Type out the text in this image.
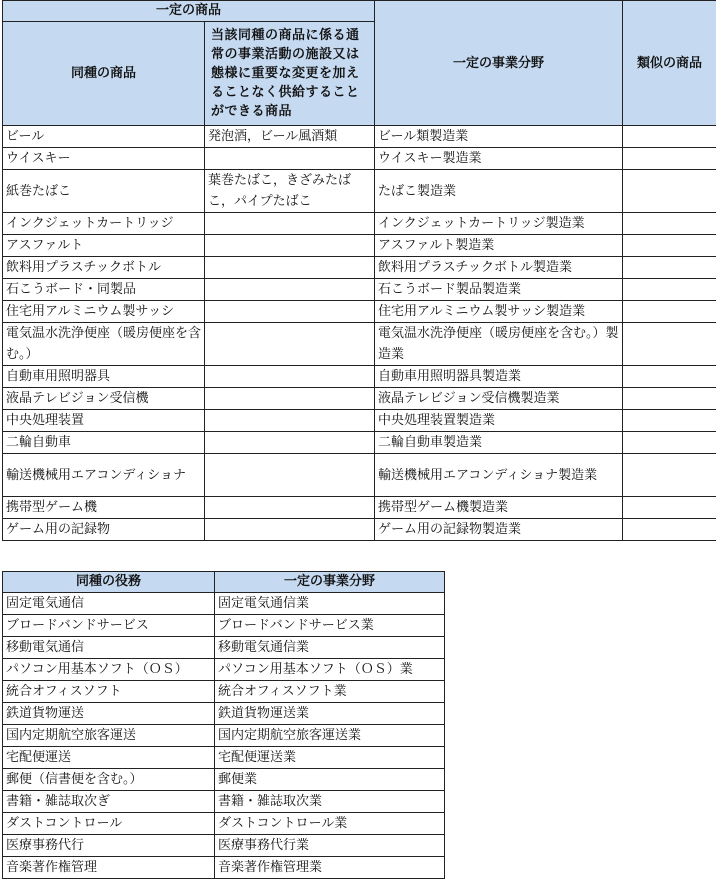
一定の商品		一定の事業分野	類似の商品
同種の商品	当該同種の商品に係る通常の事業活動の施設又は態様に重要な変更を加えることなく供給することができる商品		
ビール	発泡酒，ビール風酒類	ビール類製造業	
ウイスキー		ウイスキー製造業	
紙巻たばこ	葉巻たばこ，きざみたばこ，パイプたばこ	たばこ製造業	
インクジェットカートリッジ		インクジェットカートリッジ製造業	
アスファルト		アスファルト製造業	
飲料用プラスチックボトル		飲料用プラスチックボトル製造業	
石こうボード・同製品		石こうボード製品製造業	
住宅用アルミニウム製サッシ		住宅用アルミニウム製サッシ製造業	
電気温水洗浄便座（暖房便座を含む。）		電気温水洗浄便座（暖房便座を含む。）製造業	
自動車用照明器具		自動車用照明器具製造業	
液晶テレビジョン受信機		液晶テレビジョン受信機製造業	
中央処理装置		中央処理装置製造業	
二輪自動車		二輪自動車製造業	
輸送機械用エアコンディショナ		輸送機械用エアコンディショナ製造業	
携帯型ゲーム機		携帯型ゲーム機製造業	
ゲーム用の記録物		ゲーム用の記録物製造業	
同種の役務	一定の事業分野
固定電気通信	固定電気通信業
ブロードバンドサービス	ブロードバンドサービス業
移動電気通信	移動電気通信業
パソコン用基本ソフト（ＯＳ）	パソコン用基本ソフト（ＯＳ）業
統合オフィスソフト	統合オフィスソフト業
鉄道貨物運送	鉄道貨物運送業
国内定期航空旅客運送	国内定期航空旅客運送業
宅配便運送	宅配便運送業
郵便（信書便を含む。）	郵便業
書籍・雑誌取次ぎ	書籍・雑誌取次業
ダストコントロール	ダストコントロール業
医療事務代行	医療事務代行業
音楽著作権管理	音楽著作権管理業
